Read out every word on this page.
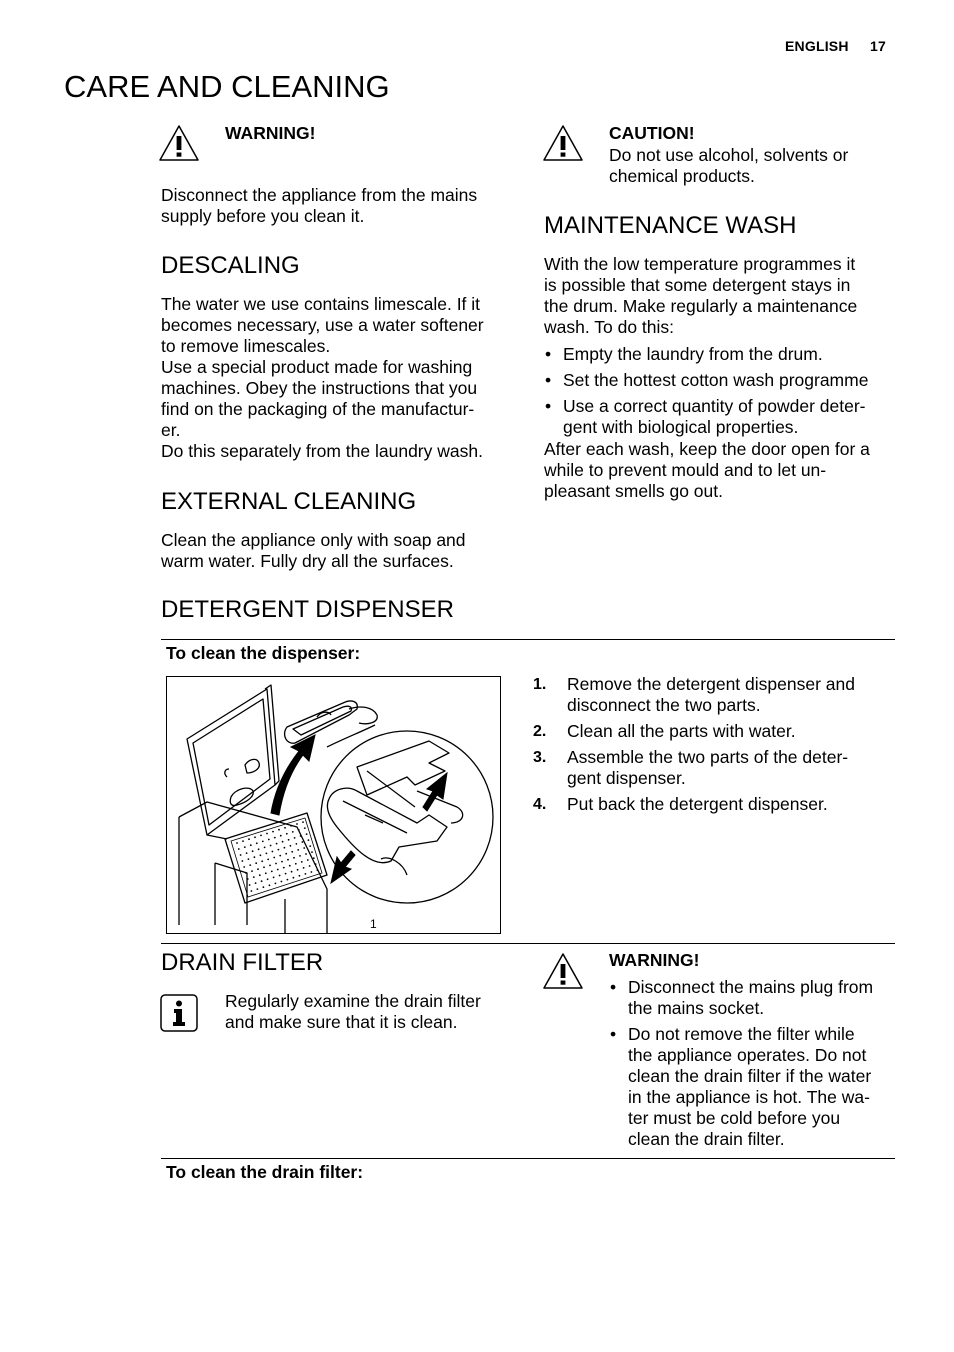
ENGLISH 17
CARE AND CLEANING
WARNING!
Disconnect the appliance from the mains
supply before you clean it.
DESCALING
The water we use contains limescale. If it
becomes necessary, use a water softener
to remove limescales.
Use a special product made for washing
machines. Obey the instructions that you
find on the packaging of the manufactur-
er.
Do this separately from the laundry wash.
EXTERNAL CLEANING
Clean the appliance only with soap and
warm water. Fully dry all the surfaces.
CAUTION!
Do not use alcohol, solvents or
chemical products.
MAINTENANCE WASH
With the low temperature programmes it
is possible that some detergent stays in
the drum. Make regularly a maintenance
wash. To do this:
• Empty the laundry from the drum.
• Set the hottest cotton wash programme
• Use a correct quantity of powder deter-
gent with biological properties.
After each wash, keep the door open for a
while to prevent mould and to let un-
pleasant smells go out.
DETERGENT DISPENSER
To clean the dispenser:
1
1. Remove the detergent dispenser and
disconnect the two parts.
2. Clean all the parts with water.
3. Assemble the two parts of the deter-
gent dispenser.
4. Put back the detergent dispenser.
DRAIN FILTER
Regularly examine the drain filter
and make sure that it is clean.
WARNING!
• Disconnect the mains plug from
the mains socket.
• Do not remove the filter while
the appliance operates. Do not
clean the drain filter if the water
in the appliance is hot. The wa-
ter must be cold before you
clean the drain filter.
To clean the drain filter:
